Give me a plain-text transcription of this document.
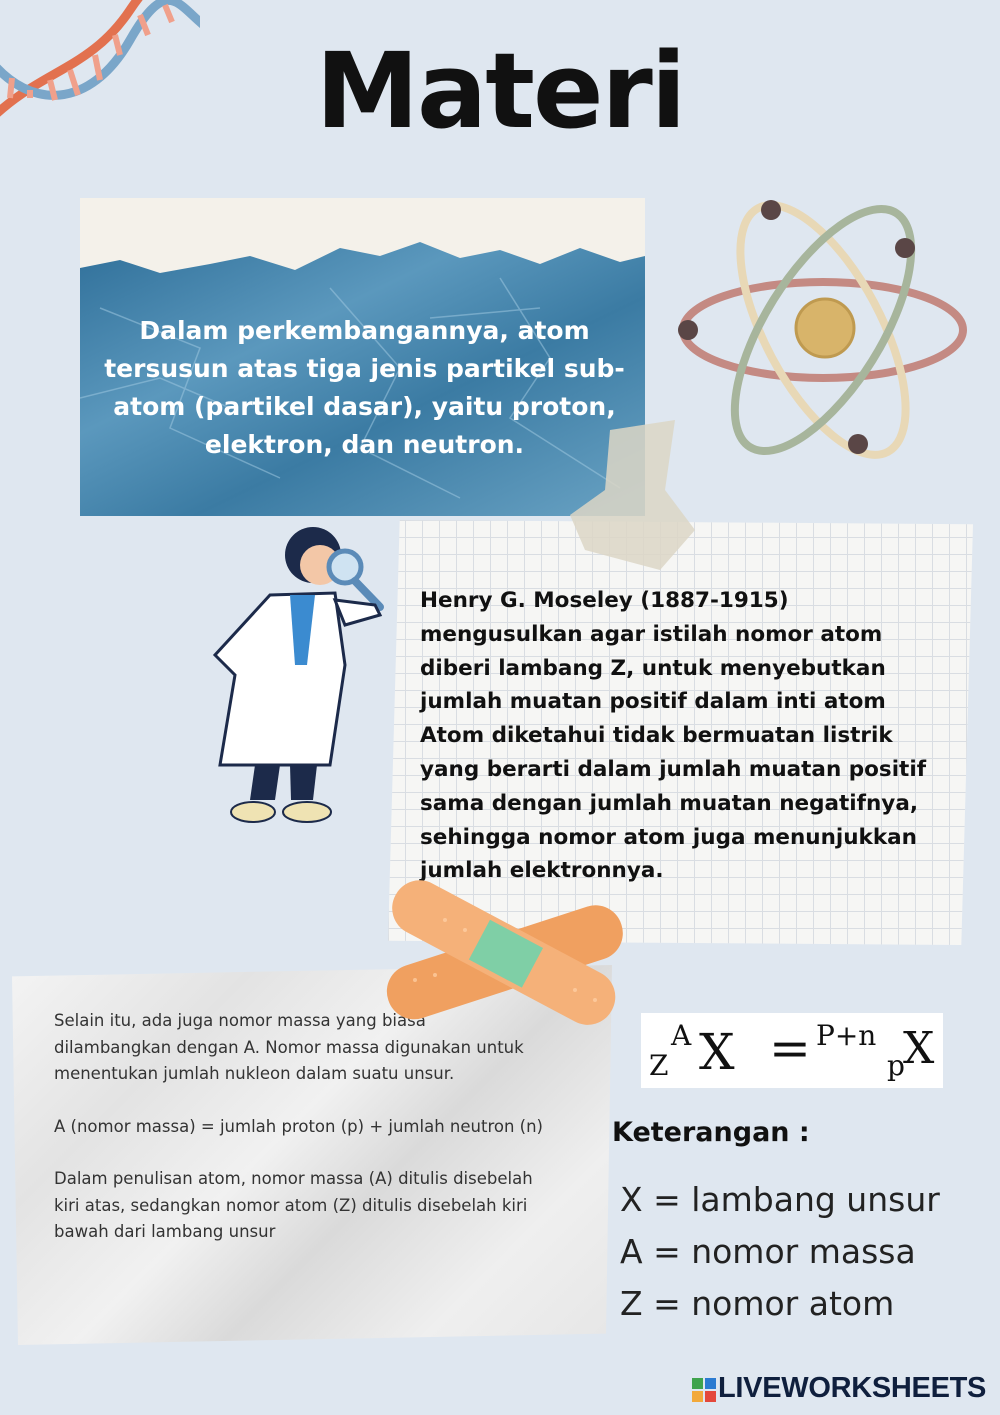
Materi
Dalam perkembangannya, atom tersusun atas tiga jenis partikel sub-atom (partikel dasar), yaitu proton, elektron, dan neutron.
Henry G. Moseley (1887-1915) mengusulkan agar istilah nomor atom diberi lambang Z, untuk menyebutkan jumlah muatan positif dalam inti atom Atom diketahui tidak bermuatan listrik yang berarti dalam jumlah muatan positif sama dengan jumlah muatan negatifnya, sehingga nomor atom juga menunjukkan jumlah elektronnya.

Selain itu, ada juga nomor massa yang biasa dilambangkan dengan A. Nomor massa digunakan untuk menentukan jumlah nukleon dalam suatu unsur.

A (nomor massa) = jumlah proton (p) + jumlah neutron (n)

Dalam penulisan atom, nomor massa (A) ditulis disebelah kiri atas, sedangkan nomor atom (Z) ditulis disebelah kiri bawah dari lambang unsur

Z
A X = P+n
p
X
Keterangan :
X = lambang unsur
A = nomor massa
Z = nomor atom
LIVEWORKSHEETS
